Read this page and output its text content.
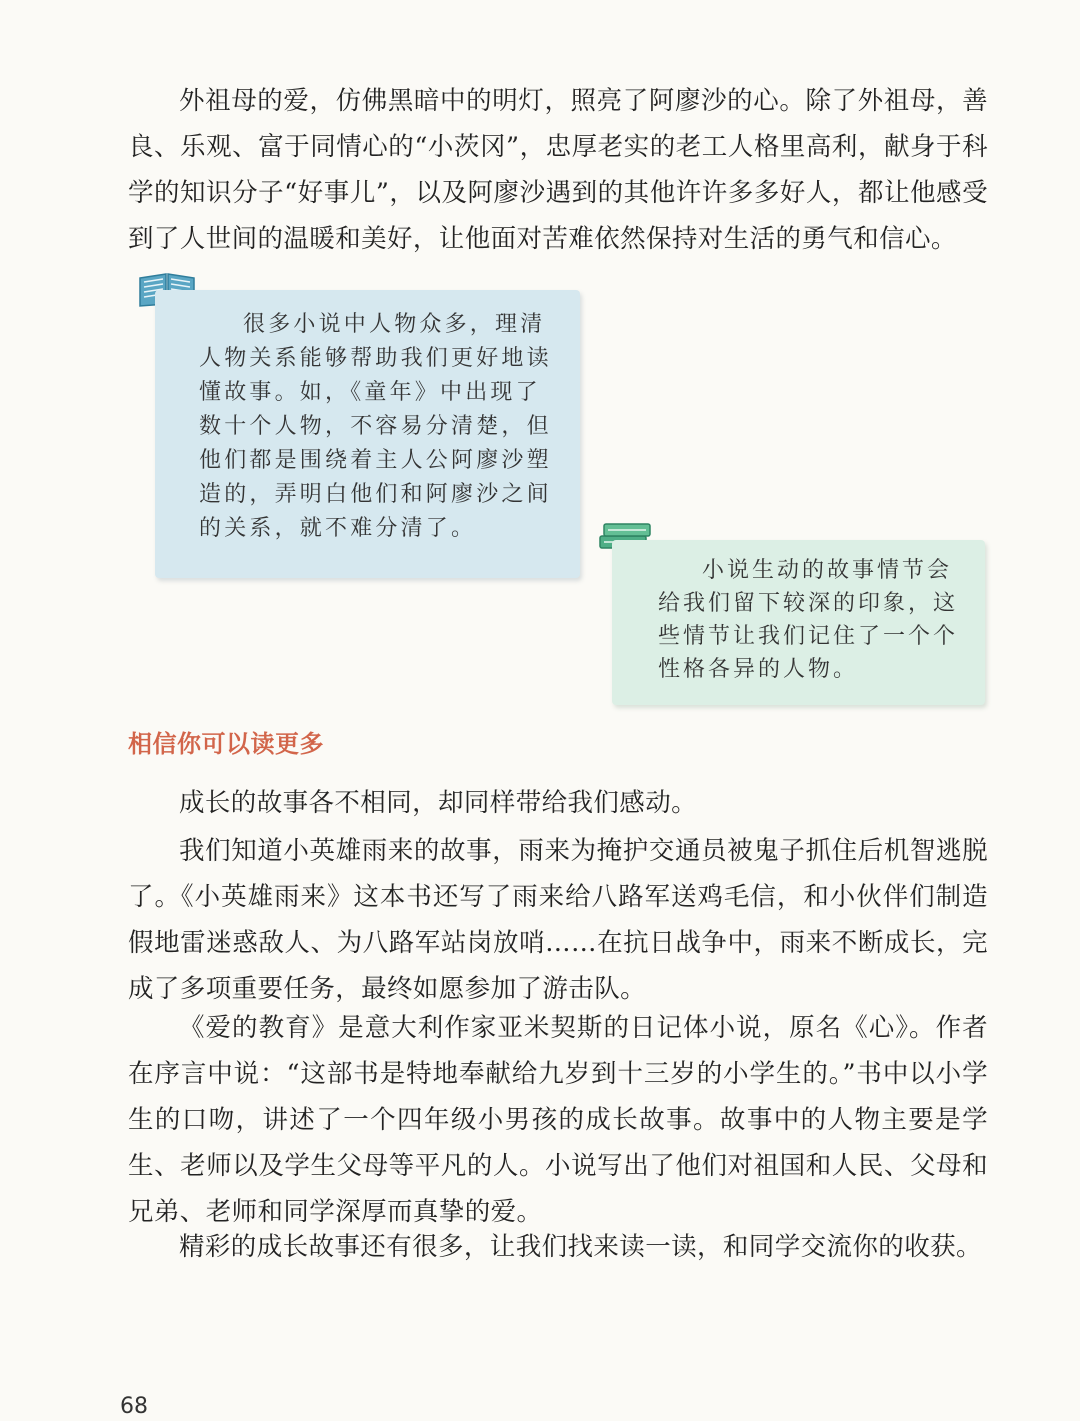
外祖母的爱，仿佛黑暗中的明灯，照亮了阿廖沙的心。除了外祖母，善良、乐观、富于同情心的“小茨冈”，忠厚老实的老工人格里高利，献身于科学的知识分子“好事儿”，以及阿廖沙遇到的其他许许多多好人，都让他感受到了人世间的温暖和美好，让他面对苦难依然保持对生活的勇气和信心。

很多小说中人物众多，理清人物关系能够帮助我们更好地读懂故事。如，《童年》中出现了数十个人物，不容易分清楚，但他们都是围绕着主人公阿廖沙塑造的，弄明白他们和阿廖沙之间的关系，就不难分清了。
小说生动的故事情节会给我们留下较深的印象，这些情节让我们记住了一个个性格各异的人物。
相信你可以读更多

成长的故事各不相同，却同样带给我们感动。

我们知道小英雄雨来的故事，雨来为掩护交通员被鬼子抓住后机智逃脱了。《小英雄雨来》这本书还写了雨来给八路军送鸡毛信，和小伙伴们制造假地雷迷惑敌人、为八路军站岗放哨……在抗日战争中，雨来不断成长，完成了多项重要任务，最终如愿参加了游击队。

《爱的教育》是意大利作家亚米契斯的日记体小说，原名《心》。作者在序言中说：“这部书是特地奉献给九岁到十三岁的小学生的。”书中以小学生的口吻，讲述了一个四年级小男孩的成长故事。故事中的人物主要是学生、老师以及学生父母等平凡的人。小说写出了他们对祖国和人民、父母和兄弟、老师和同学深厚而真挚的爱。

精彩的成长故事还有很多，让我们找来读一读，和同学交流你的收获。

68
